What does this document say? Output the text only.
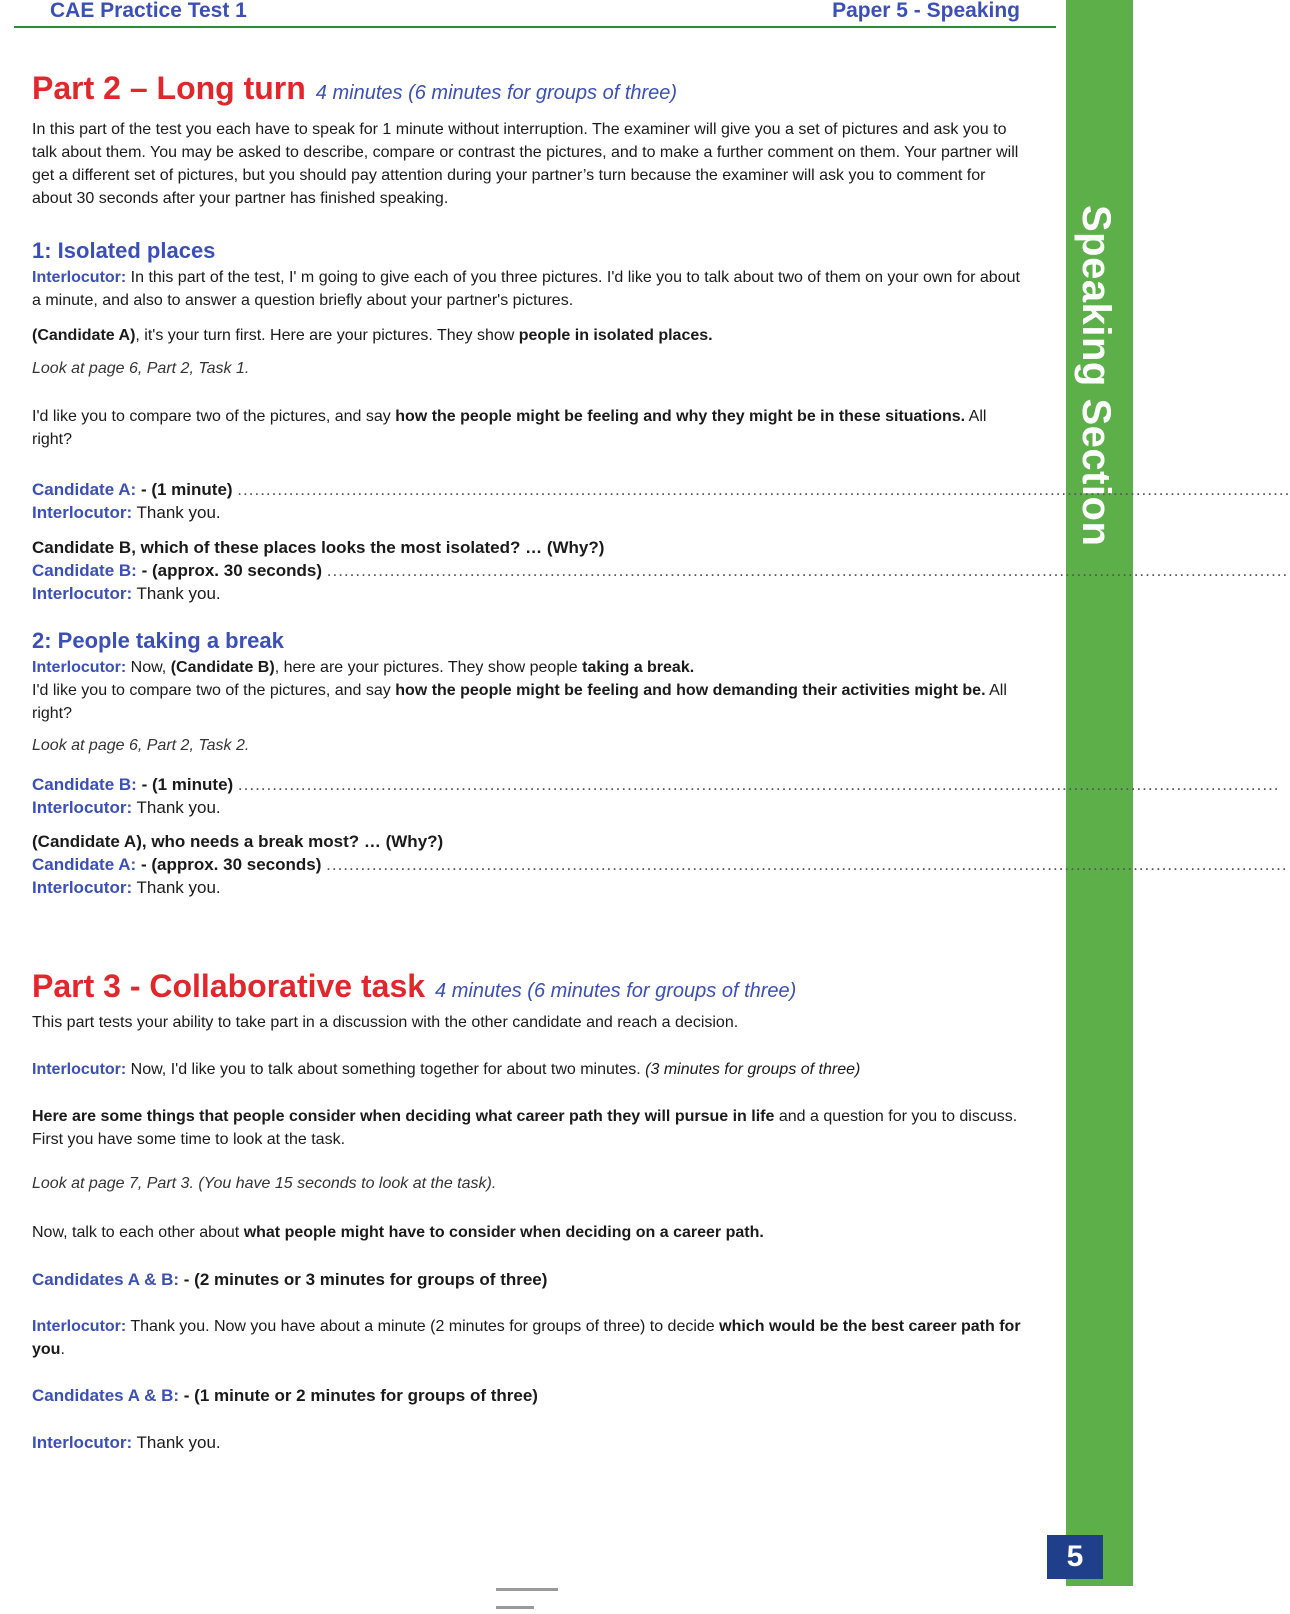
CAE Practice Test 1	Paper 5 - Speaking
Speaking Section
5
Part 2 – Long turn 4 minutes (6 minutes for groups of three)

In this part of the test you each have to speak for 1 minute without interruption. The examiner will give you a set of pictures and ask you to talk about them. You may be asked to describe, compare or contrast the pictures, and to make a further comment on them. Your partner will get a different set of pictures, but you should pay attention during your partner’s turn because the examiner will ask you to comment for about 30 seconds after your partner has finished speaking.

1: Isolated places

Interlocutor: In this part of the test, I' m going to give each of you three pictures. I'd like you to talk about two of them on your own for about a minute, and also to answer a question briefly about your partner's pictures.

(Candidate A), it's your turn first. Here are your pictures. They show people in isolated places.

Look at page 6, Part 2, Task 1.

I'd like you to compare two of the pictures, and say how the people might be feeling and why they might be in these situations. All right?

Candidate A: - (1 minute) ........................................................................................................................................................................................
Interlocutor: Thank you.
Candidate B, which of these places looks the most isolated? … (Why?)
Candidate B: - (approx. 30 seconds) ........................................................................................................................................................................
Interlocutor: Thank you.
2: People taking a break

Interlocutor: Now, (Candidate B), here are your pictures. They show people taking a break.

I'd like you to compare two of the pictures, and say how the people might be feeling and how demanding their activities might be. All right?

Look at page 6, Part 2, Task 2.
Candidate B: - (1 minute) ......................................................................................................................................................................................
Interlocutor: Thank you.
(Candidate A), who needs a break most? … (Why?)
Candidate A: - (approx. 30 seconds) ........................................................................................................................................................................
Interlocutor: Thank you.
Part 3 - Collaborative task 4 minutes (6 minutes for groups of three)

This part tests your ability to take part in a discussion with the other candidate and reach a decision.

Interlocutor: Now, I'd like you to talk about something together for about two minutes. (3 minutes for groups of three)

Here are some things that people consider when deciding what career path they will pursue in life and a question for you to discuss. First you have some time to look at the task.

Look at page 7, Part 3. (You have 15 seconds to look at the task).

Now, talk to each other about what people might have to consider when deciding on a career path.

Candidates A & B: - (2 minutes or 3 minutes for groups of three)

Interlocutor: Thank you. Now you have about a minute (2 minutes for groups of three) to decide which would be the best career path for you.

Candidates A & B: - (1 minute or 2 minutes for groups of three)
Interlocutor: Thank you.
